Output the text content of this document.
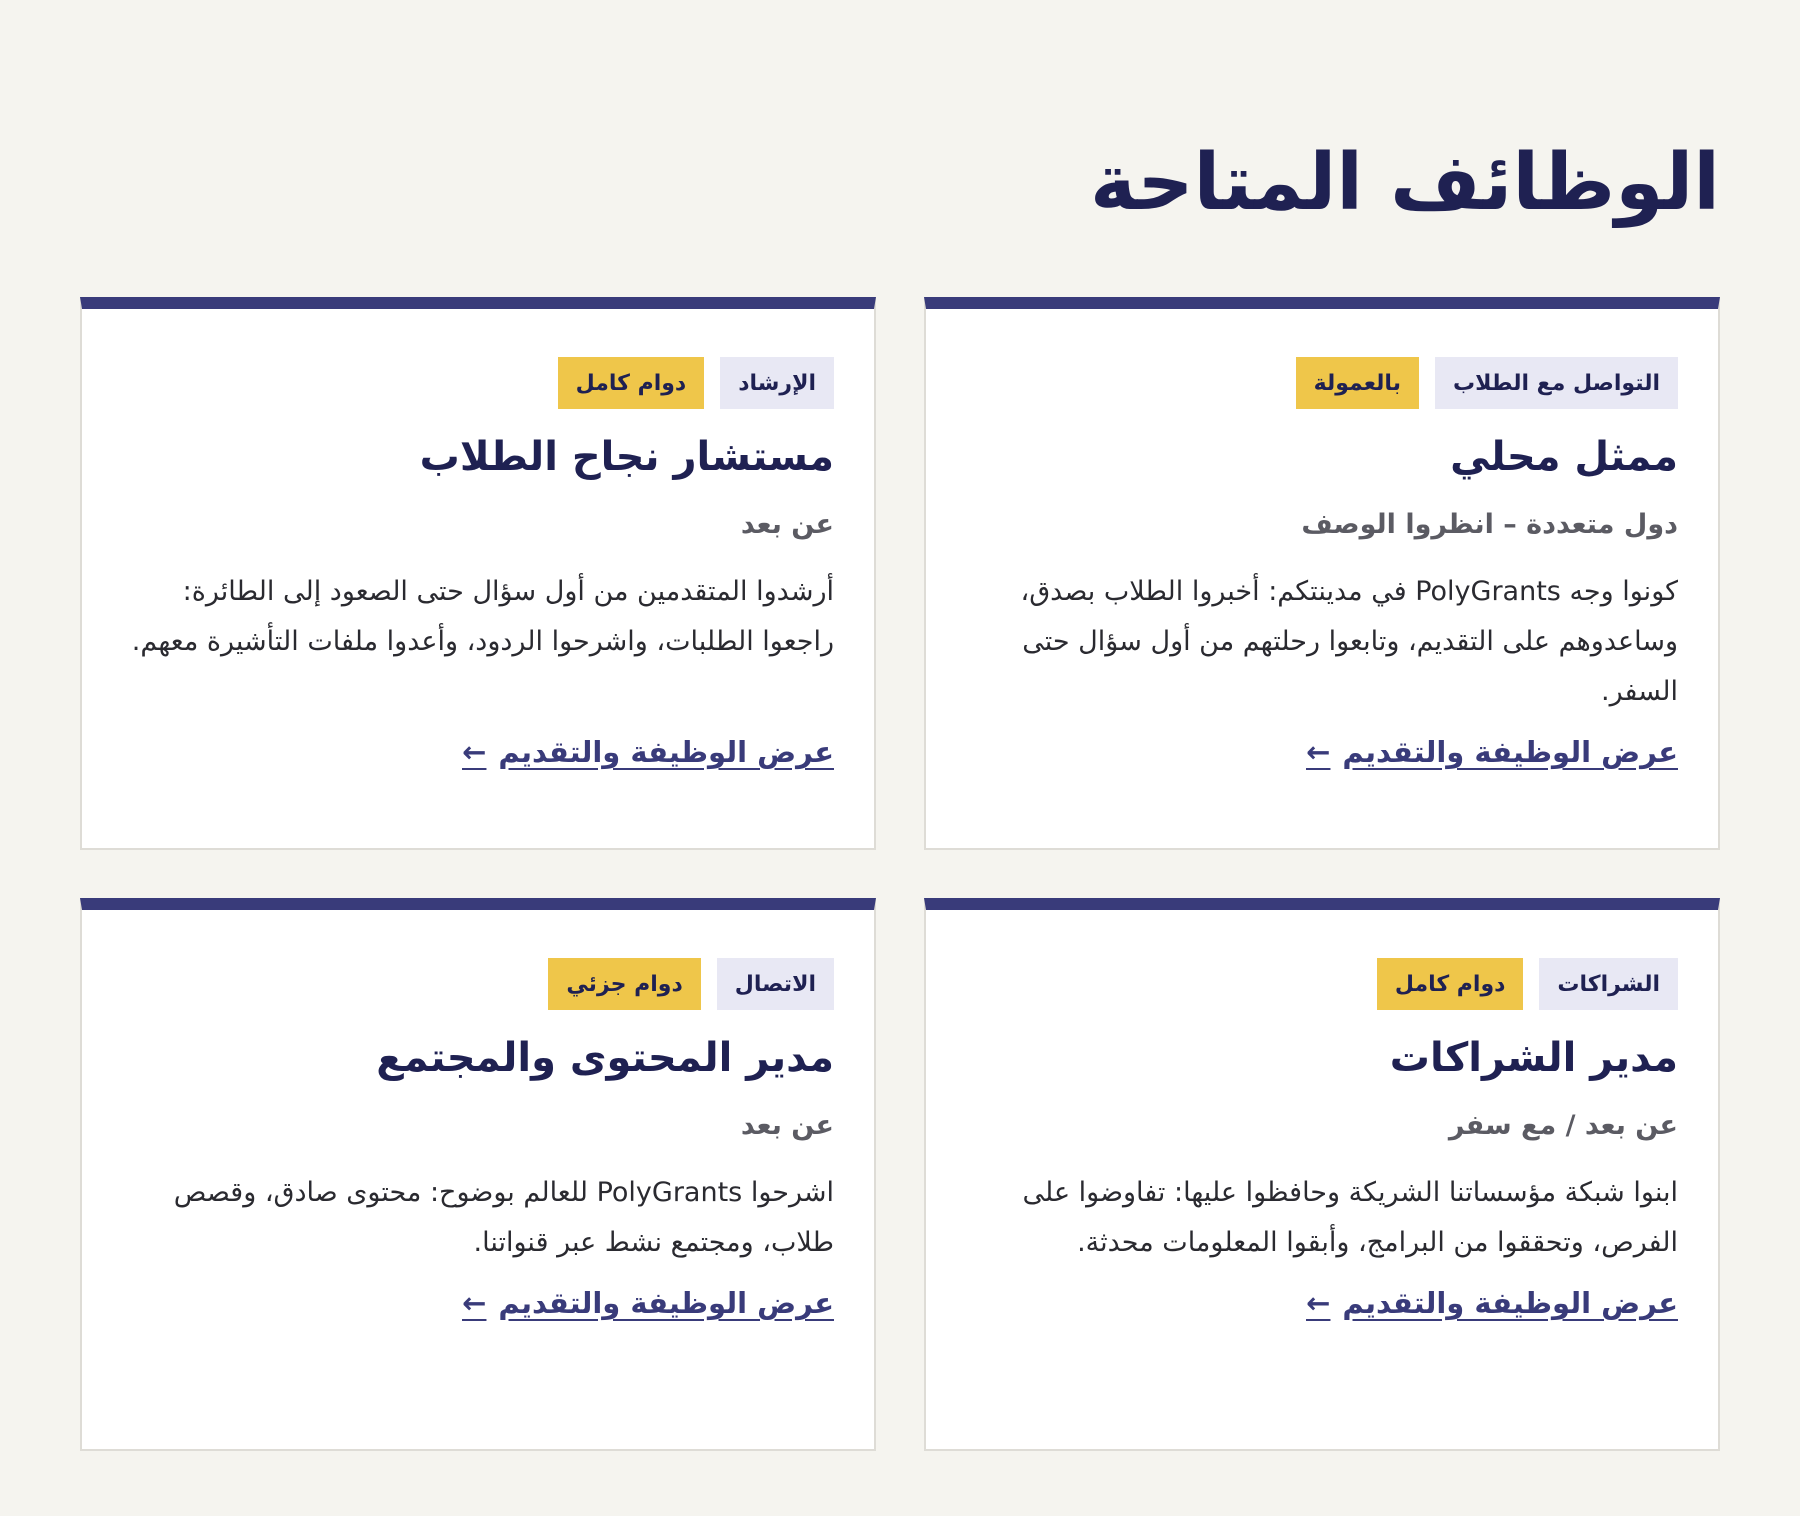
الوظائف المتاحة
التواصل مع الطلاب
بالعمولة
ممثل محلي
دول متعددة – انظروا الوصف
كونوا وجه PolyGrants في مدينتكم: أخبروا الطلاب بصدق، وساعدوهم على التقديم، وتابعوا رحلتهم من أول سؤال حتى السفر.
عرض الوظيفة والتقديم
←
الإرشاد
دوام كامل
مستشار نجاح الطلاب
عن بعد
أرشدوا المتقدمين من أول سؤال حتى الصعود إلى الطائرة: راجعوا الطلبات، واشرحوا الردود، وأعدوا ملفات التأشيرة معهم.
عرض الوظيفة والتقديم
←
الشراكات
دوام كامل
مدير الشراكات
عن بعد / مع سفر
ابنوا شبكة مؤسساتنا الشريكة وحافظوا عليها: تفاوضوا على الفرص، وتحققوا من البرامج، وأبقوا المعلومات محدثة.
عرض الوظيفة والتقديم
←
الاتصال
دوام جزئي
مدير المحتوى والمجتمع
عن بعد
اشرحوا PolyGrants للعالم بوضوح: محتوى صادق، وقصص طلاب، ومجتمع نشط عبر قنواتنا.
عرض الوظيفة والتقديم
←
